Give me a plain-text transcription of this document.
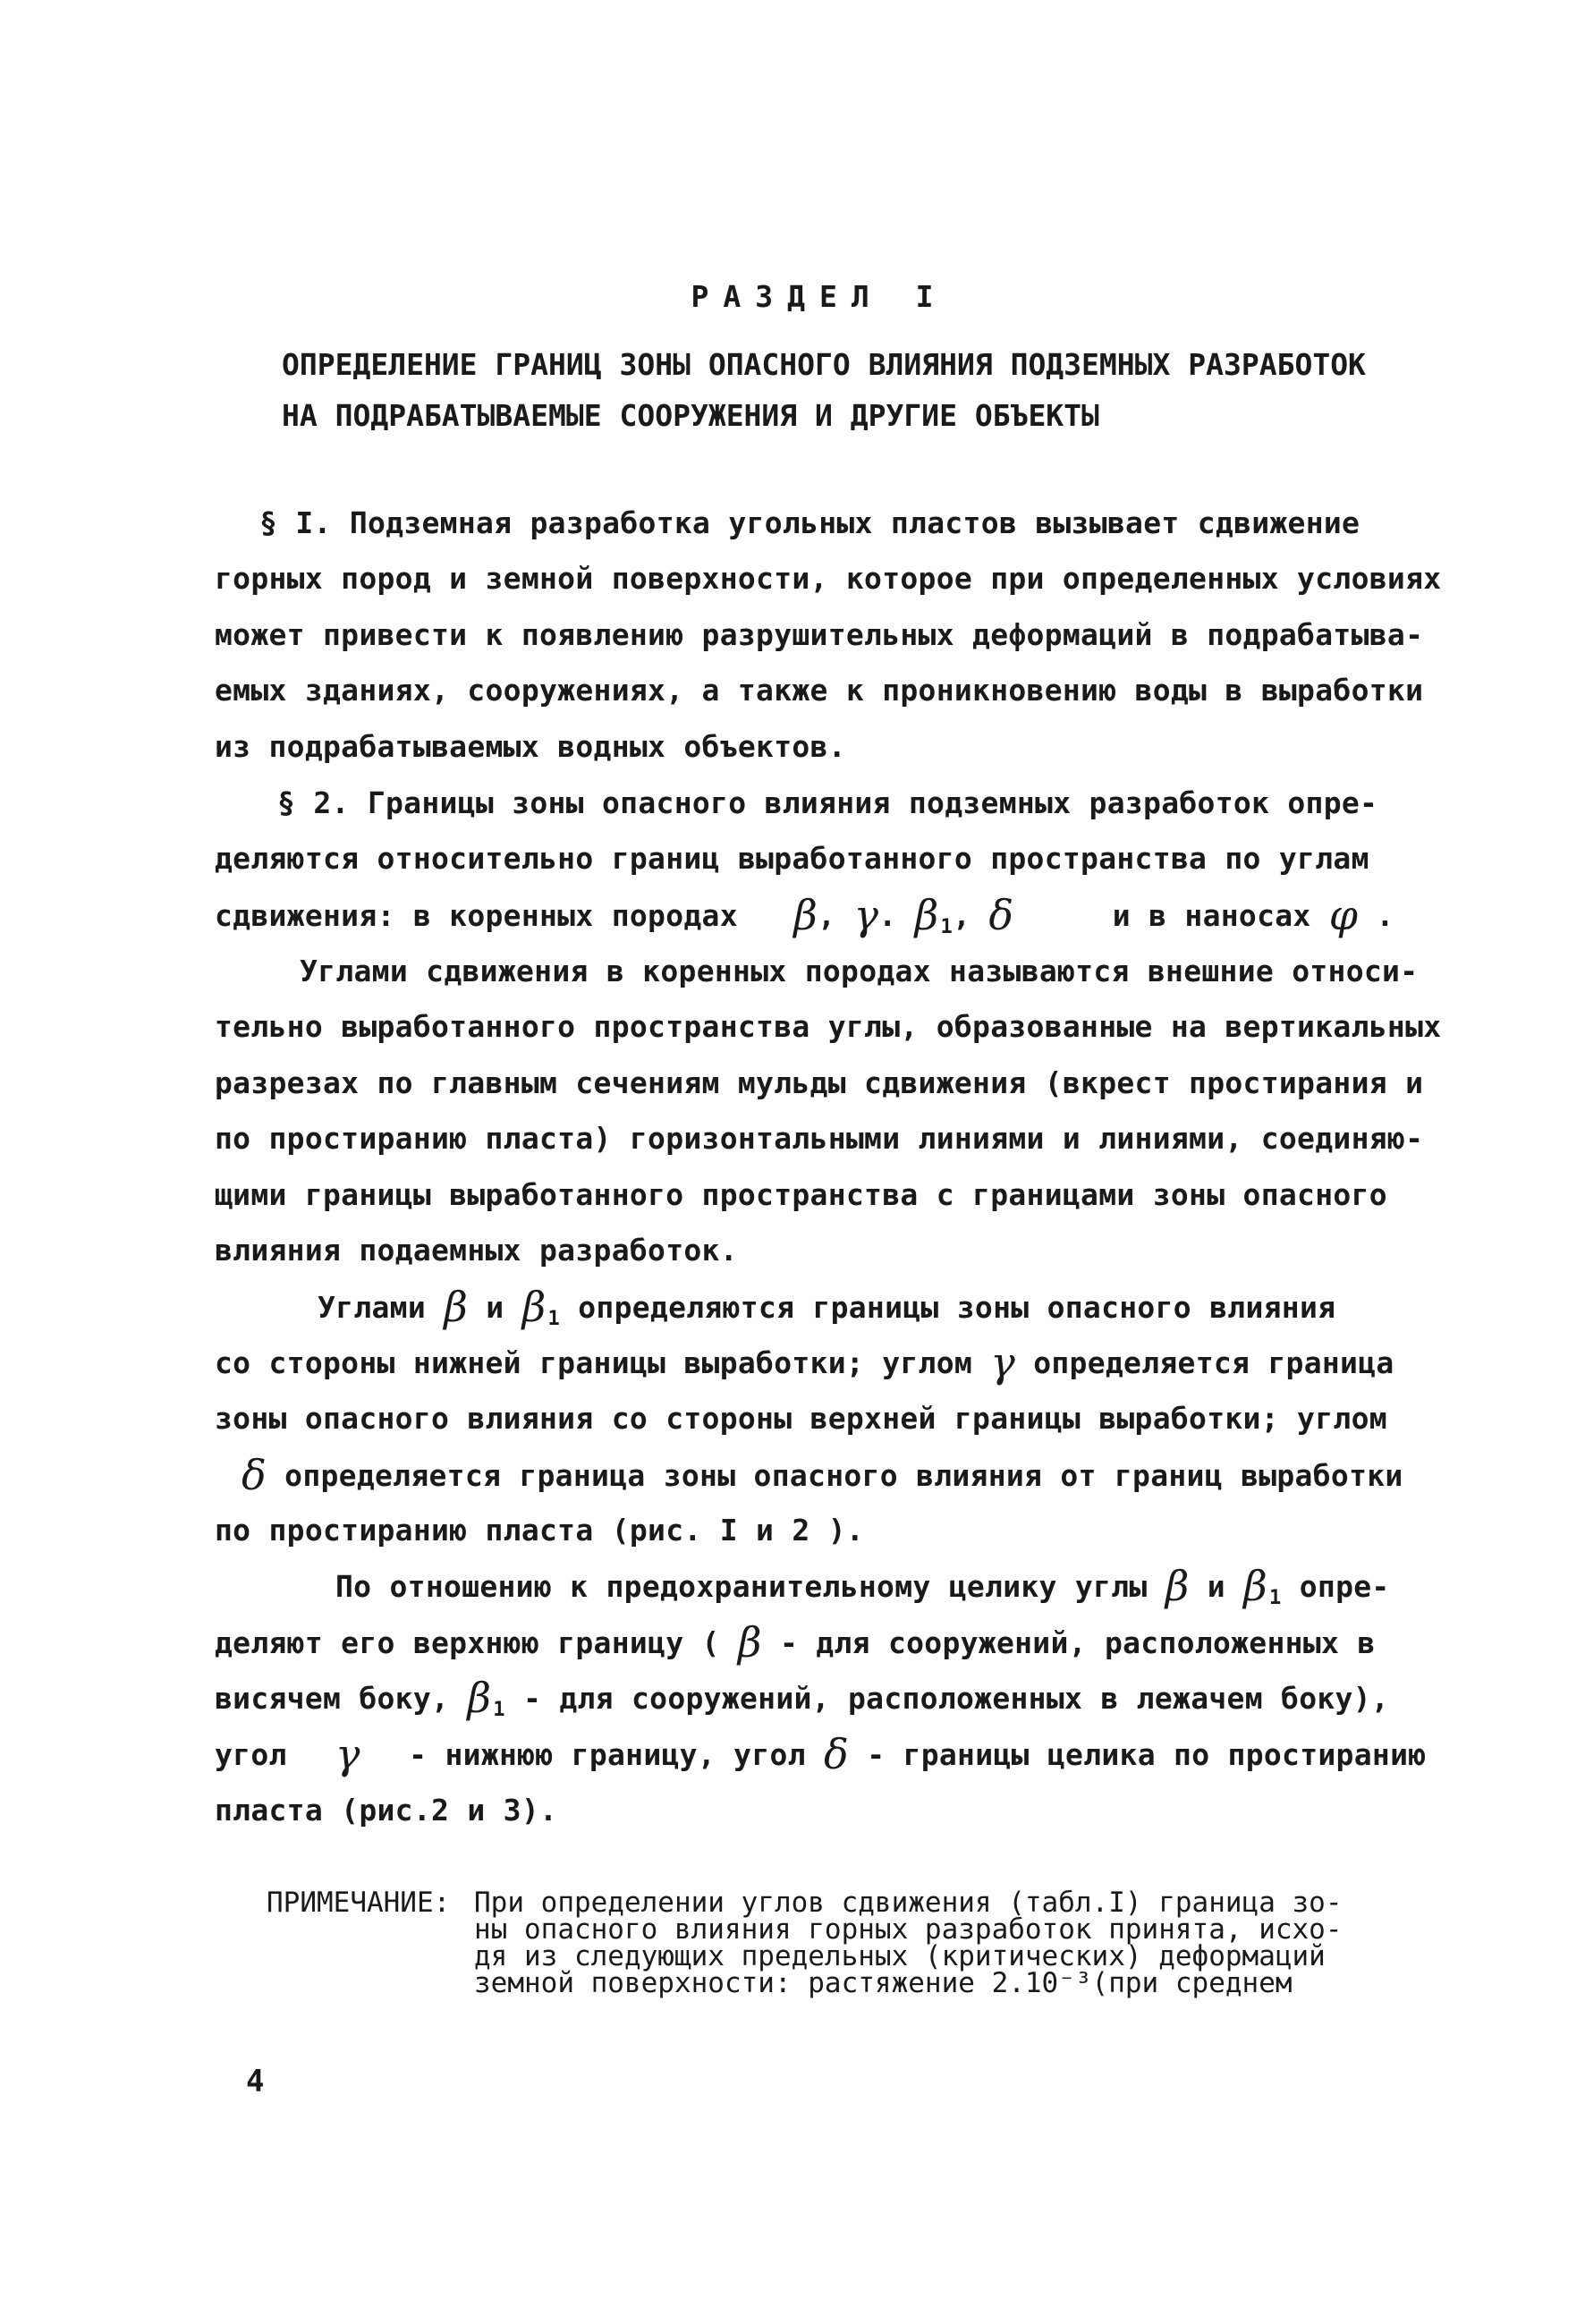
РАЗДЕЛ I
ОПРЕДЕЛЕНИЕ ГРАНИЦ ЗОНЫ ОПАСНОГО ВЛИЯНИЯ ПОДЗЕМНЫХ РАЗРАБОТОК
НА ПОДРАБАТЫВАЕМЫЕ СООРУЖЕНИЯ И ДРУГИЕ ОБЪЕКТЫ
§ I. Подземная разработка угольных пластов вызывает сдвижение
горных пород и земной поверхности, которое при определенных условиях
может привести к появлению разрушительных деформаций в подрабатыва-
емых зданиях, сооружениях, а также к проникновению воды в выработки
из подрабатываемых водных объектов.
§ 2. Границы зоны опасного влияния подземных разработок опре-
деляются относительно границ выработанного пространства по углам
сдвижения: в коренных породах β, γ. $\beta_1$, δ	и в наносах φ .
Углами сдвижения в коренных породах называются внешние относи-
тельно выработанного пространства углы, образованные на вертикальных
разрезах по главным сечениям мульды сдвижения (вкрест простирания и
по простиранию пласта) горизонтальными линиями и линиями, соединяю-
щими границы выработанного пространства с границами зоны опасного
влияния подаемных разработок.
Углами β и $\beta_1$ определяются границы зоны опасного влияния
со стороны нижней границы выработки; углом γ определяется граница
зоны опасного влияния со стороны верхней границы выработки; углом
δ определяется граница зоны опасного влияния от границ выработки
по простиранию пласта (рис. I и 2 ).
По отношению к предохранительному целику углы β и $\beta_1$ опре-
деляют его верхнюю границу ( β - для сооружений, расположенных в
висячем боку, $\beta_1$ - для сооружений, расположенных в лежачем боку),
угол γ - нижнюю границу, угол δ - границы целика по простиранию
пласта (рис.2 и 3).
ПРИМЕЧАНИЕ: При определении углов сдвижения (табл.I) граница зо-
ны опасного влияния горных разработок принята, исхо-
дя из следующих предельных (критических) деформаций
земной поверхности: растяжение 2.10⁻³(при среднем
4
